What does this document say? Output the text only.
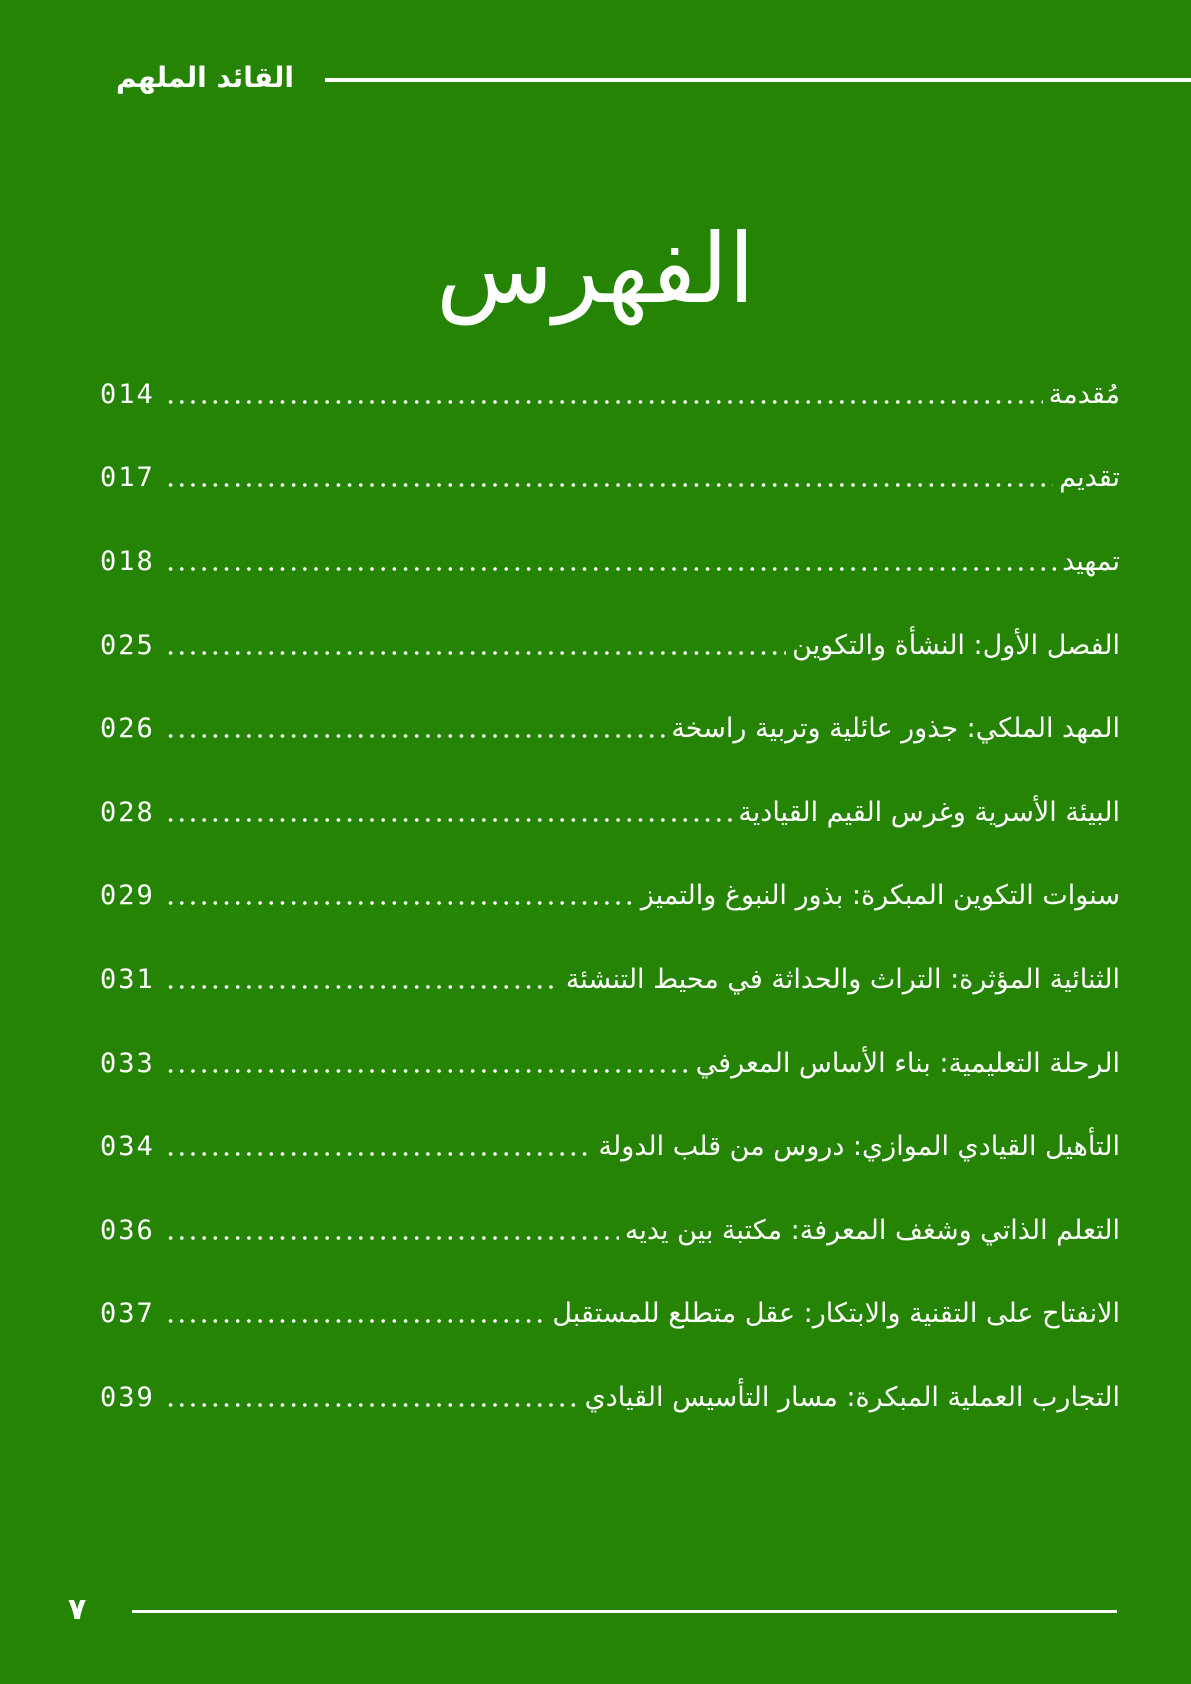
القائد الملهم
الفهرس
014	مُقدمة
017	تقديم
018	تمهيد
025	الفصل الأول: النشأة والتكوين
026	المهد الملكي: جذور عائلية وتربية راسخة
028	البيئة الأسرية وغرس القيم القيادية
029	سنوات التكوين المبكرة: بذور النبوغ والتميز
031	الثنائية المؤثرة: التراث والحداثة في محيط التنشئة
033	الرحلة التعليمية: بناء الأساس المعرفي
034	التأهيل القيادي الموازي: دروس من قلب الدولة
036	التعلم الذاتي وشغف المعرفة: مكتبة بين يديه
037	الانفتاح على التقنية والابتكار: عقل متطلع للمستقبل
039	التجارب العملية المبكرة: مسار التأسيس القيادي
٧
